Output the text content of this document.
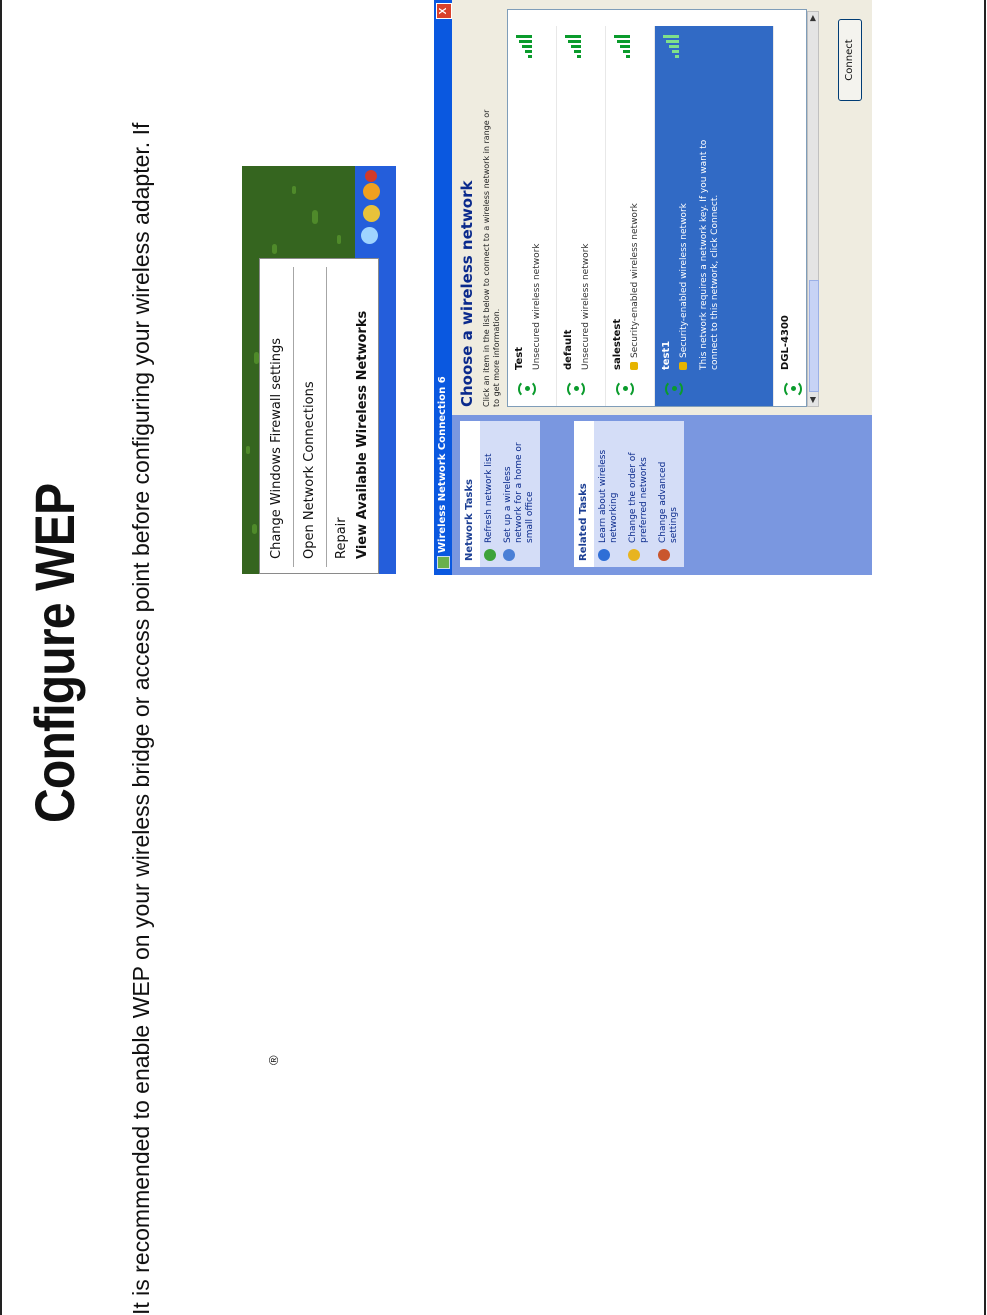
Configure WEP It is recommended to enable WEP on your wireless bridge or access point before configuring your wireless adapter. If	®
Change Windows Firewall settings Open Network Connections Repair View Available Wireless Networks	Wireless Network Connection 6
X
Network Tasks	Refresh network list	Set up a wireless network for a home or small office	Related Tasks	Learn about wireless networking	Change the order of preferred networks	Change advanced settings
Choose a wireless network Click an item in the list below to connect to a wireless network in range or to get more information. Test Unsecured wireless network default Unsecured wireless network salestest Security-enabled wireless network test1 Security-enabled wireless network This network requires a network key. If you want to connect to this network, click Connect.	DGL-4300
◀
▶
Connect
